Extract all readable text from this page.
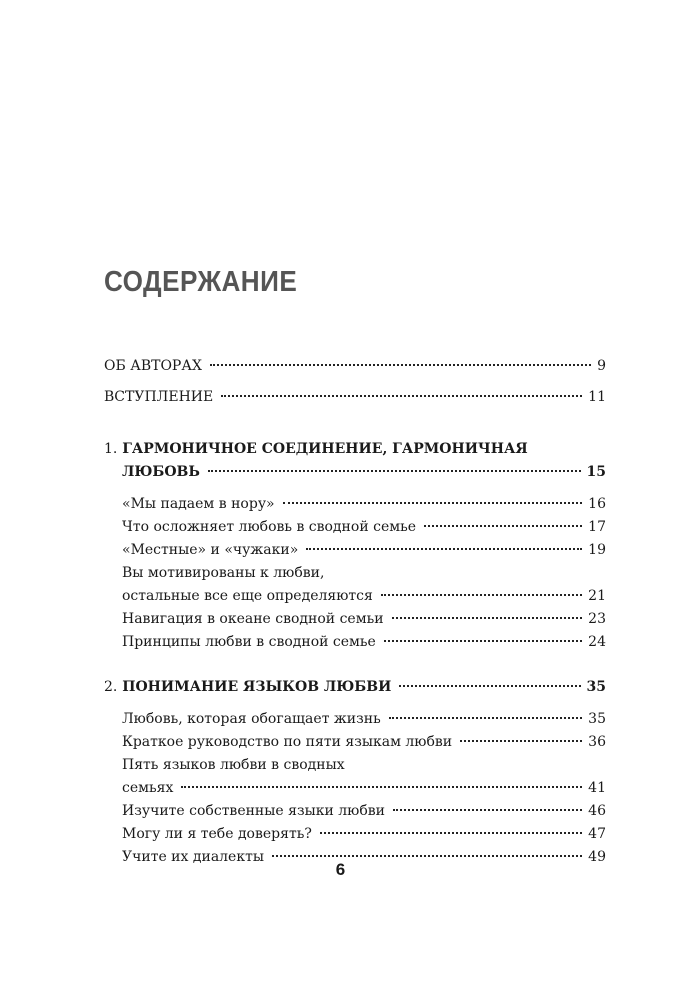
СОДЕРЖАНИЕ
ОБ АВТОРАХ	9
ВСТУПЛЕНИЕ	11
1. ГАРМОНИЧНОЕ СОЕДИНЕНИЕ, ГАРМОНИЧНАЯ
ЛЮБОВЬ	15
«Мы падаем в нору»	16
Что осложняет любовь в сводной семье	17
«Местные» и «чужаки»	19
Вы мотивированы к любви,
остальные все еще определяются	21
Навигация в океане сводной семьи	23
Принципы любви в сводной семье	24
2. ПОНИМАНИЕ ЯЗЫКОВ ЛЮБВИ	35
Любовь, которая обогащает жизнь	35
Краткое руководство по пяти языкам любви	36
Пять языков любви в сводных
семьях	41
Изучите собственные языки любви	46
Могу ли я тебе доверять?	47
Учите их диалекты	49
6
